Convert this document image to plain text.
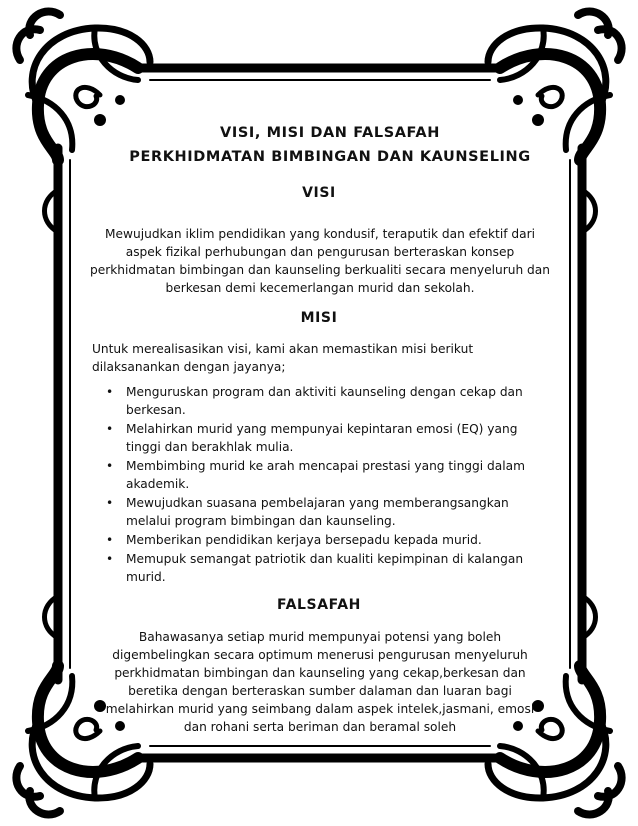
VISI, MISI DAN FALSAFAH
PERKHIDMATAN BIMBINGAN DAN KAUNSELING
VISI
Mewujudkan iklim pendidikan yang kondusif, teraputik dan efektif dari
aspek fizikal perhubungan dan pengurusan berteraskan konsep
perkhidmatan bimbingan dan kaunseling berkualiti secara menyeluruh dan
berkesan demi kecemerlangan murid dan sekolah.
MISI
Untuk merealisasikan visi, kami akan memastikan misi berikut dilaksanankan dengan jayanya;
•	Menguruskan program dan aktiviti kaunseling dengan cekap dan berkesan.
•	Melahirkan murid yang mempunyai kepintaran emosi (EQ) yang tinggi dan berakhlak mulia.
•	Membimbing murid ke arah mencapai prestasi yang tinggi dalam akademik.
•	Mewujudkan suasana pembelajaran yang memberangsangkan melalui program bimbingan dan kaunseling.
•	Memberikan pendidikan kerjaya bersepadu kepada murid.
•	Memupuk semangat patriotik dan kualiti kepimpinan di kalangan murid.
FALSAFAH
Bahawasanya setiap murid mempunyai potensi yang boleh
digembelingkan secara optimum menerusi pengurusan menyeluruh
perkhidmatan bimbingan dan kaunseling yang cekap,berkesan dan
beretika dengan berteraskan sumber dalaman dan luaran bagi
melahirkan murid yang seimbang dalam aspek intelek,jasmani, emosi
dan rohani serta beriman dan beramal soleh
